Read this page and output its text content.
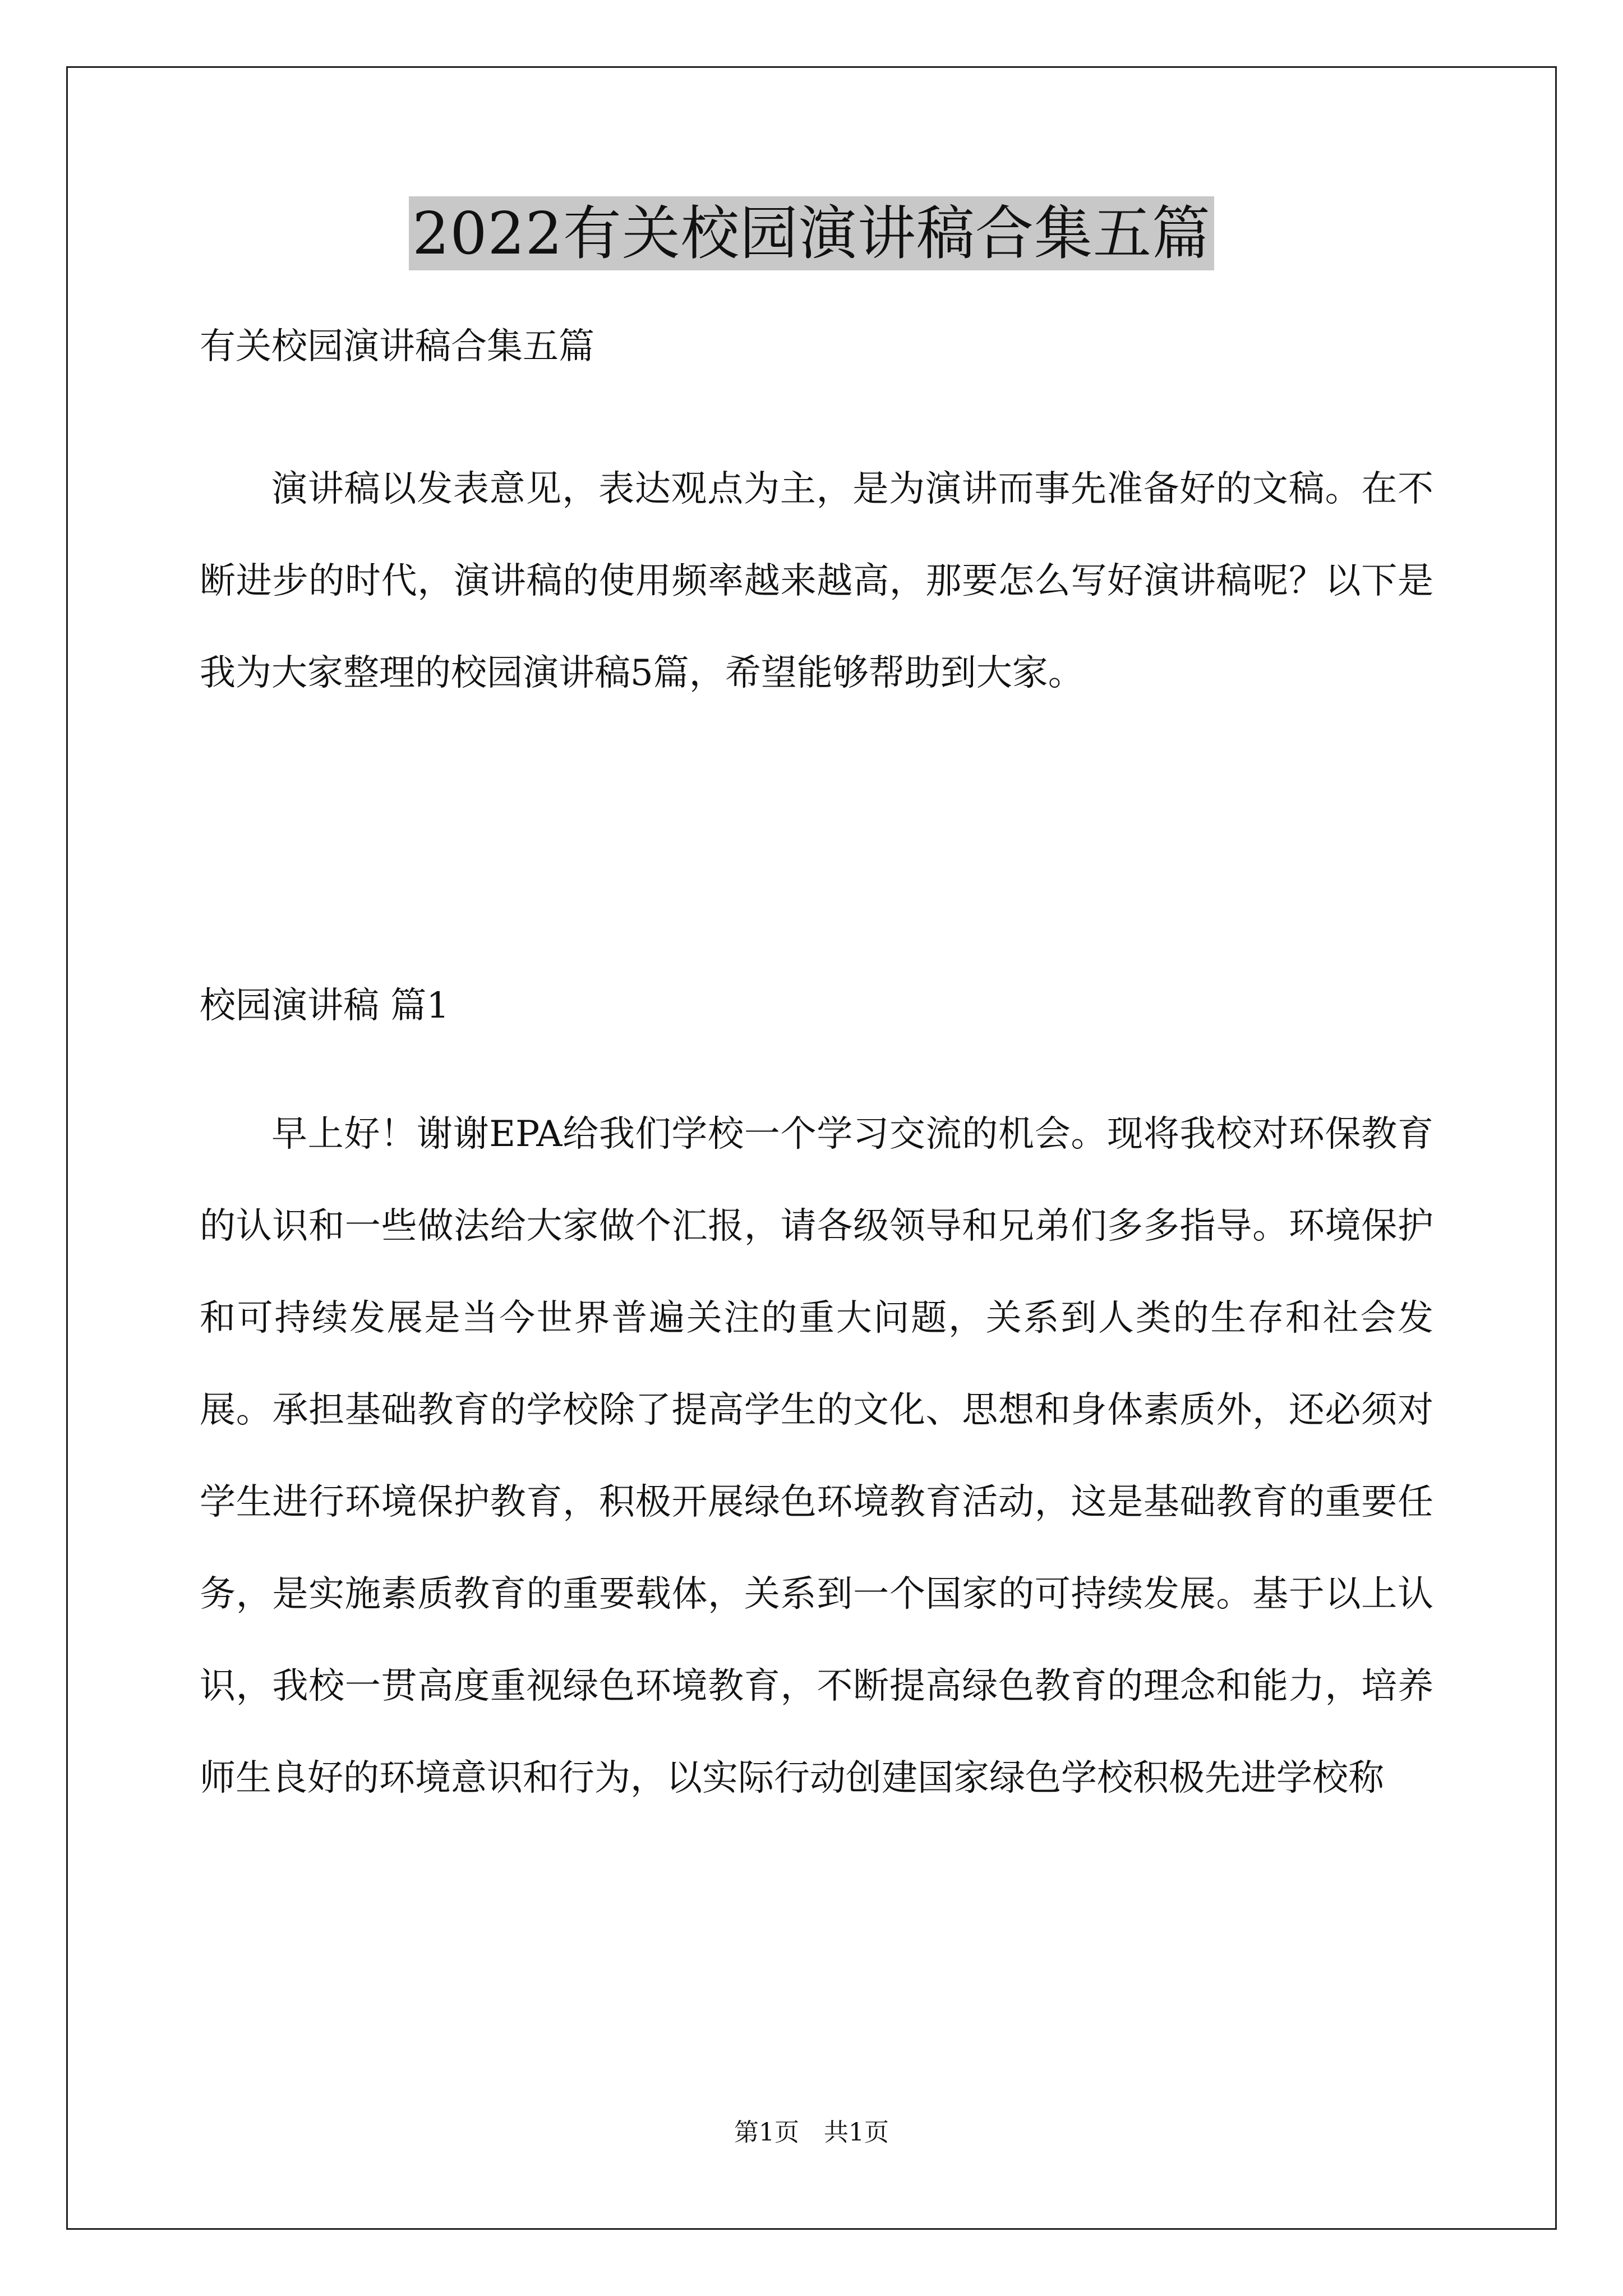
2022有关校园演讲稿合集五篇
有关校园演讲稿合集五篇

演讲稿以发表意见，表达观点为主，是为演讲而事先准备好的文稿。在不断进步的时代，演讲稿的使用频率越来越高，那要怎么写好演讲稿呢？以下是我为大家整理的校园演讲稿5篇，希望能够帮助到大家。

校园演讲稿 篇1

早上好！谢谢EPA给我们学校一个学习交流的机会。现将我校对环保教育的认识和一些做法给大家做个汇报，请各级领导和兄弟们多多指导。环境保护和可持续发展是当今世界普遍关注的重大问题，关系到人类的生存和社会发展。承担基础教育的学校除了提高学生的文化、思想和身体素质外，还必须对学生进行环境保护教育，积极开展绿色环境教育活动，这是基础教育的重要任务，是实施素质教育的重要载体，关系到一个国家的可持续发展。基于以上认识，我校一贯高度重视绿色环境教育，不断提高绿色教育的理念和能力，培养师生良好的环境意识和行为，以实际行动创建国家绿色学校积极先进学校称

第1页　共1页
